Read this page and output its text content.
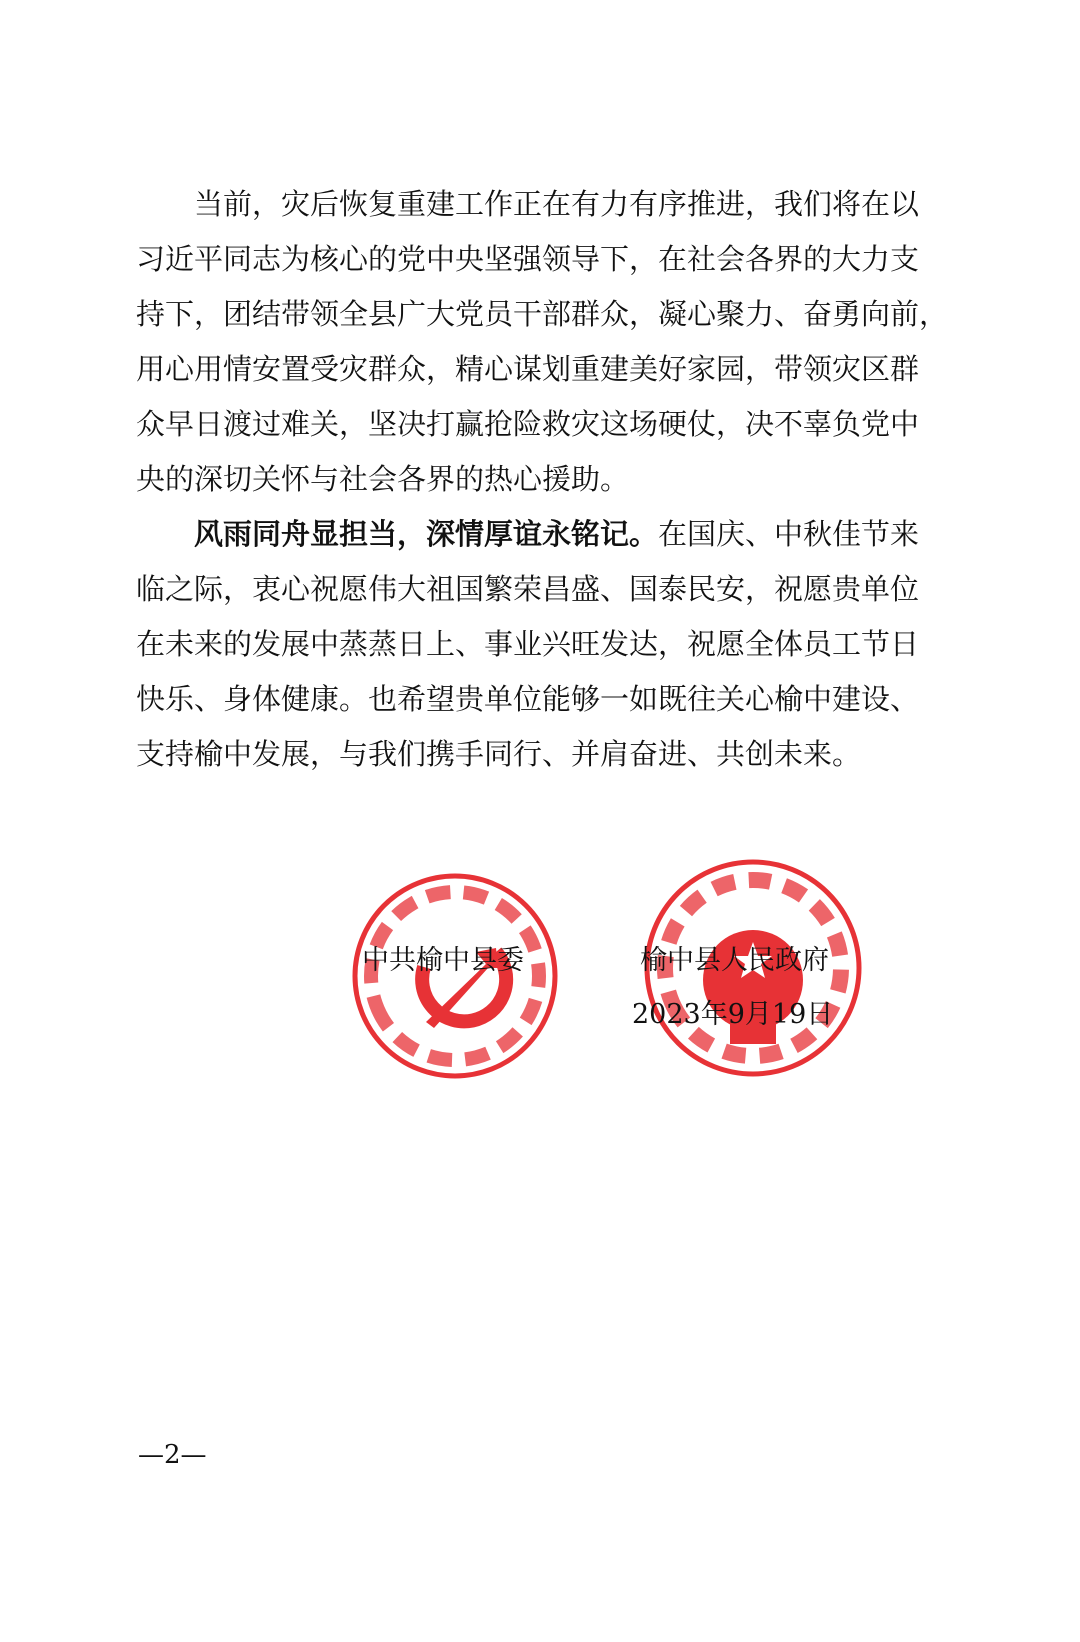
当前，灾后恢复重建工作正在有力有序推进，我们将在以
习近平同志为核心的党中央坚强领导下，在社会各界的大力支
持下，团结带领全县广大党员干部群众，凝心聚力、奋勇向前，
用心用情安置受灾群众，精心谋划重建美好家园，带领灾区群
众早日渡过难关，坚决打赢抢险救灾这场硬仗，决不辜负党中
央的深切关怀与社会各界的热心援助。
风雨同舟显担当，深情厚谊永铭记。在国庆、中秋佳节来
临之际，衷心祝愿伟大祖国繁荣昌盛、国泰民安，祝愿贵单位
在未来的发展中蒸蒸日上、事业兴旺发达，祝愿全体员工节日
快乐、身体健康。也希望贵单位能够一如既往关心榆中建设、
支持榆中发展，与我们携手同行、并肩奋进、共创未来。
中共榆中县委	榆中县人民政府
2023年9月19日
—2—
